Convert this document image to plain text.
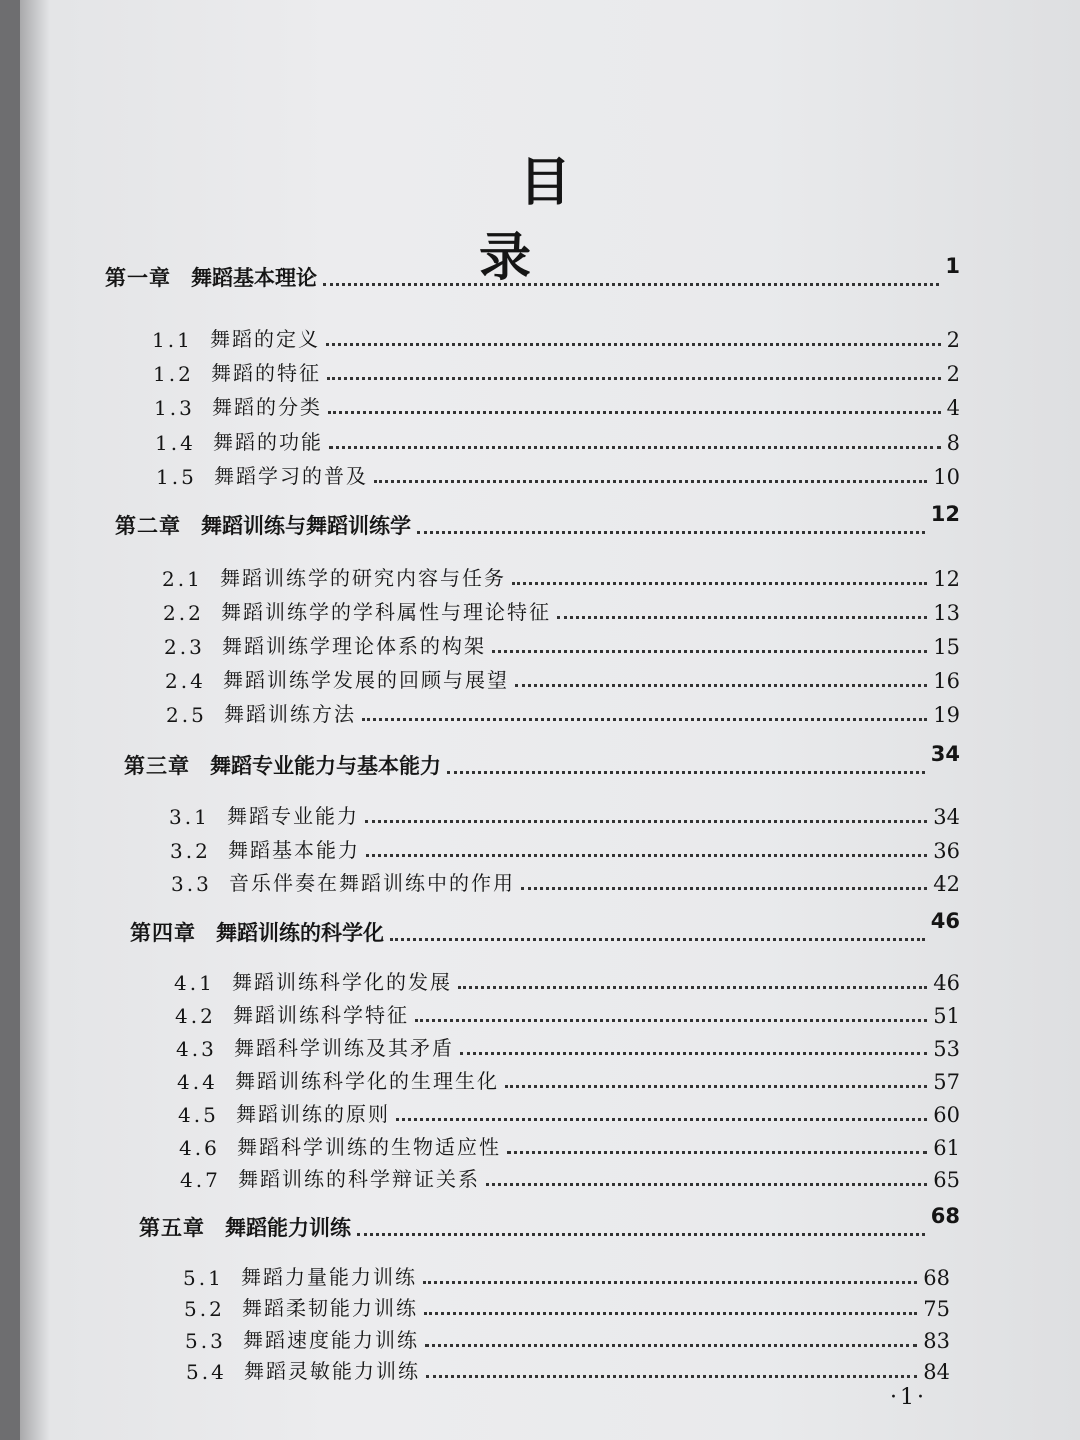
目　录
第一章 舞蹈基本理论	1
1.1 舞蹈的定义	2
1.2 舞蹈的特征	2
1.3 舞蹈的分类	4
1.4 舞蹈的功能	8
1.5 舞蹈学习的普及	10
第二章 舞蹈训练与舞蹈训练学	12
2.1 舞蹈训练学的研究内容与任务	12
2.2 舞蹈训练学的学科属性与理论特征	13
2.3 舞蹈训练学理论体系的构架	15
2.4 舞蹈训练学发展的回顾与展望	16
2.5 舞蹈训练方法	19
第三章 舞蹈专业能力与基本能力	34
3.1 舞蹈专业能力	34
3.2 舞蹈基本能力	36
3.3 音乐伴奏在舞蹈训练中的作用	42
第四章 舞蹈训练的科学化	46
4.1 舞蹈训练科学化的发展	46
4.2 舞蹈训练科学特征	51
4.3 舞蹈科学训练及其矛盾	53
4.4 舞蹈训练科学化的生理生化	57
4.5 舞蹈训练的原则	60
4.6 舞蹈科学训练的生物适应性	61
4.7 舞蹈训练的科学辩证关系	65
第五章 舞蹈能力训练	68
5.1 舞蹈力量能力训练	68
5.2 舞蹈柔韧能力训练	75
5.3 舞蹈速度能力训练	83
5.4 舞蹈灵敏能力训练	84
·1·
